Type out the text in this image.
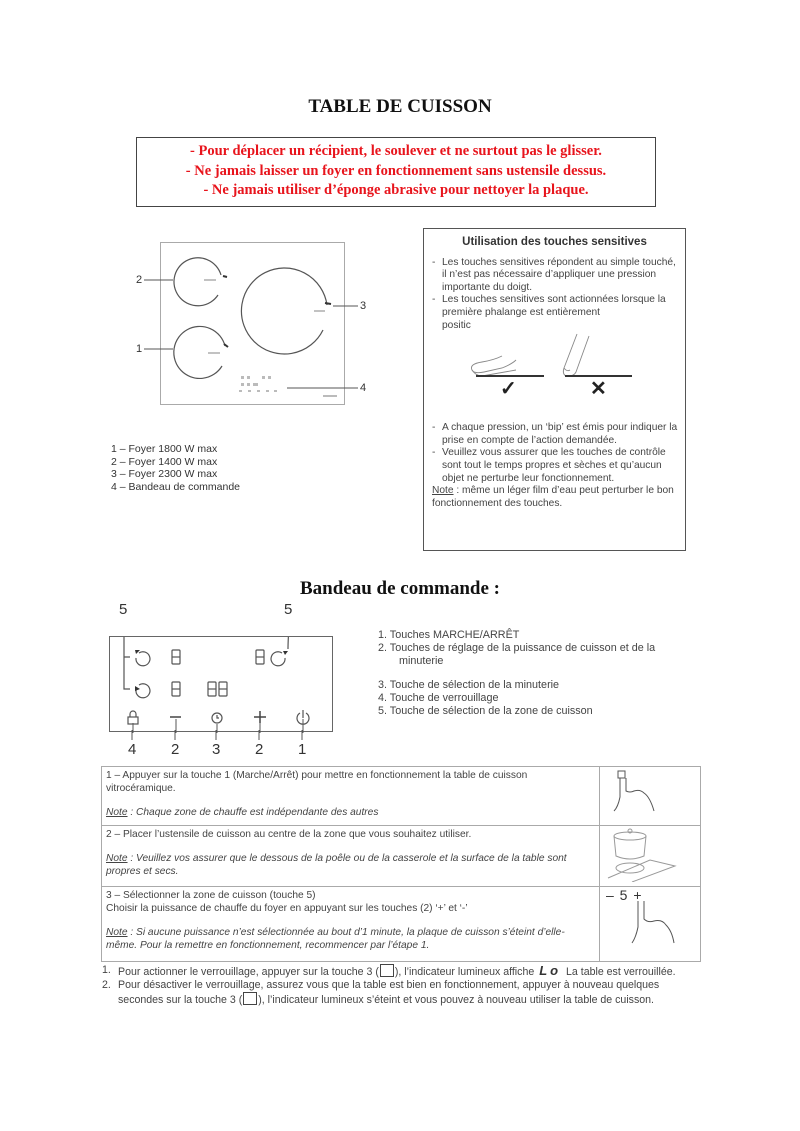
TABLE DE CUISSON
- Pour déplacer un récipient, le soulever et ne surtout pas le glisser.
- Ne jamais laisser un foyer en fonctionnement sans ustensile dessus.
- Ne jamais utiliser d’éponge abrasive pour nettoyer la plaque.
2
1
3
4
1 – Foyer 1800 W max
2 – Foyer 1400 W max
3 – Foyer 2300 W max
4 – Bandeau de commande
Utilisation des touches sensitives
- Les touches sensitives répondent au simple touché, il n’est pas nécessaire d’appliquer une pression importante du doigt.
- Les touches sensitives sont actionnées lorsque la première phalange est entièrement
positic
✓	✕
- A chaque pression, un ‘bip’ est émis pour indiquer la prise en compte de l’action demandée.
- Veuillez vous assurer que les touches de contrôle sont tout le temps propres et sèches et qu’aucun objet ne perturbe leur fonctionnement.
Note : même un léger film d’eau peut perturber le bon fonctionnement des touches.
Bandeau de commande :
5	5
4 2 3 2 1
1. Touches MARCHE/ARRÊT
2. Touches de réglage de la puissance de cuisson et de la minuterie
3. Touche de sélection de la minuterie
4. Touche de verrouillage
5. Touche de sélection de la zone de cuisson
1 – Appuyer sur la touche 1 (Marche/Arrêt) pour mettre en fonctionnement la table de cuisson vitrocéramique.
Note : Chaque zone de chauffe est indépendante des autres

2 – Placer l’ustensile de cuisson au centre de la zone que vous souhaitez utiliser.
Note : Veuillez vos assurer que le dessous de la poêle ou de la casserole et la surface de la table sont propres et secs.

3 – Sélectionner la zone de cuisson (touche 5)
Choisir la puissance de chauffe du foyer en appuyant sur les touches (2) ‘+’ et ‘-’
Note : Si aucune puissance n’est sélectionnée au bout d’1 minute, la plaque de cuisson s’éteint d’elle-même. Pour la remettre en fonctionnement, recommencer par l’étape 1.	– 5 +
1. Pour actionner le verrouillage, appuyer sur la touche 3 ( ), l’indicateur lumineux affiche Lo La table est verrouillée.
2. Pour désactiver le verrouillage, assurez vous que la table est bien en fonctionnement, appuyer à nouveau quelques secondes sur la touche 3 ( ), l’indicateur lumineux s’éteint et vous pouvez à nouveau utiliser la table de cuisson.
